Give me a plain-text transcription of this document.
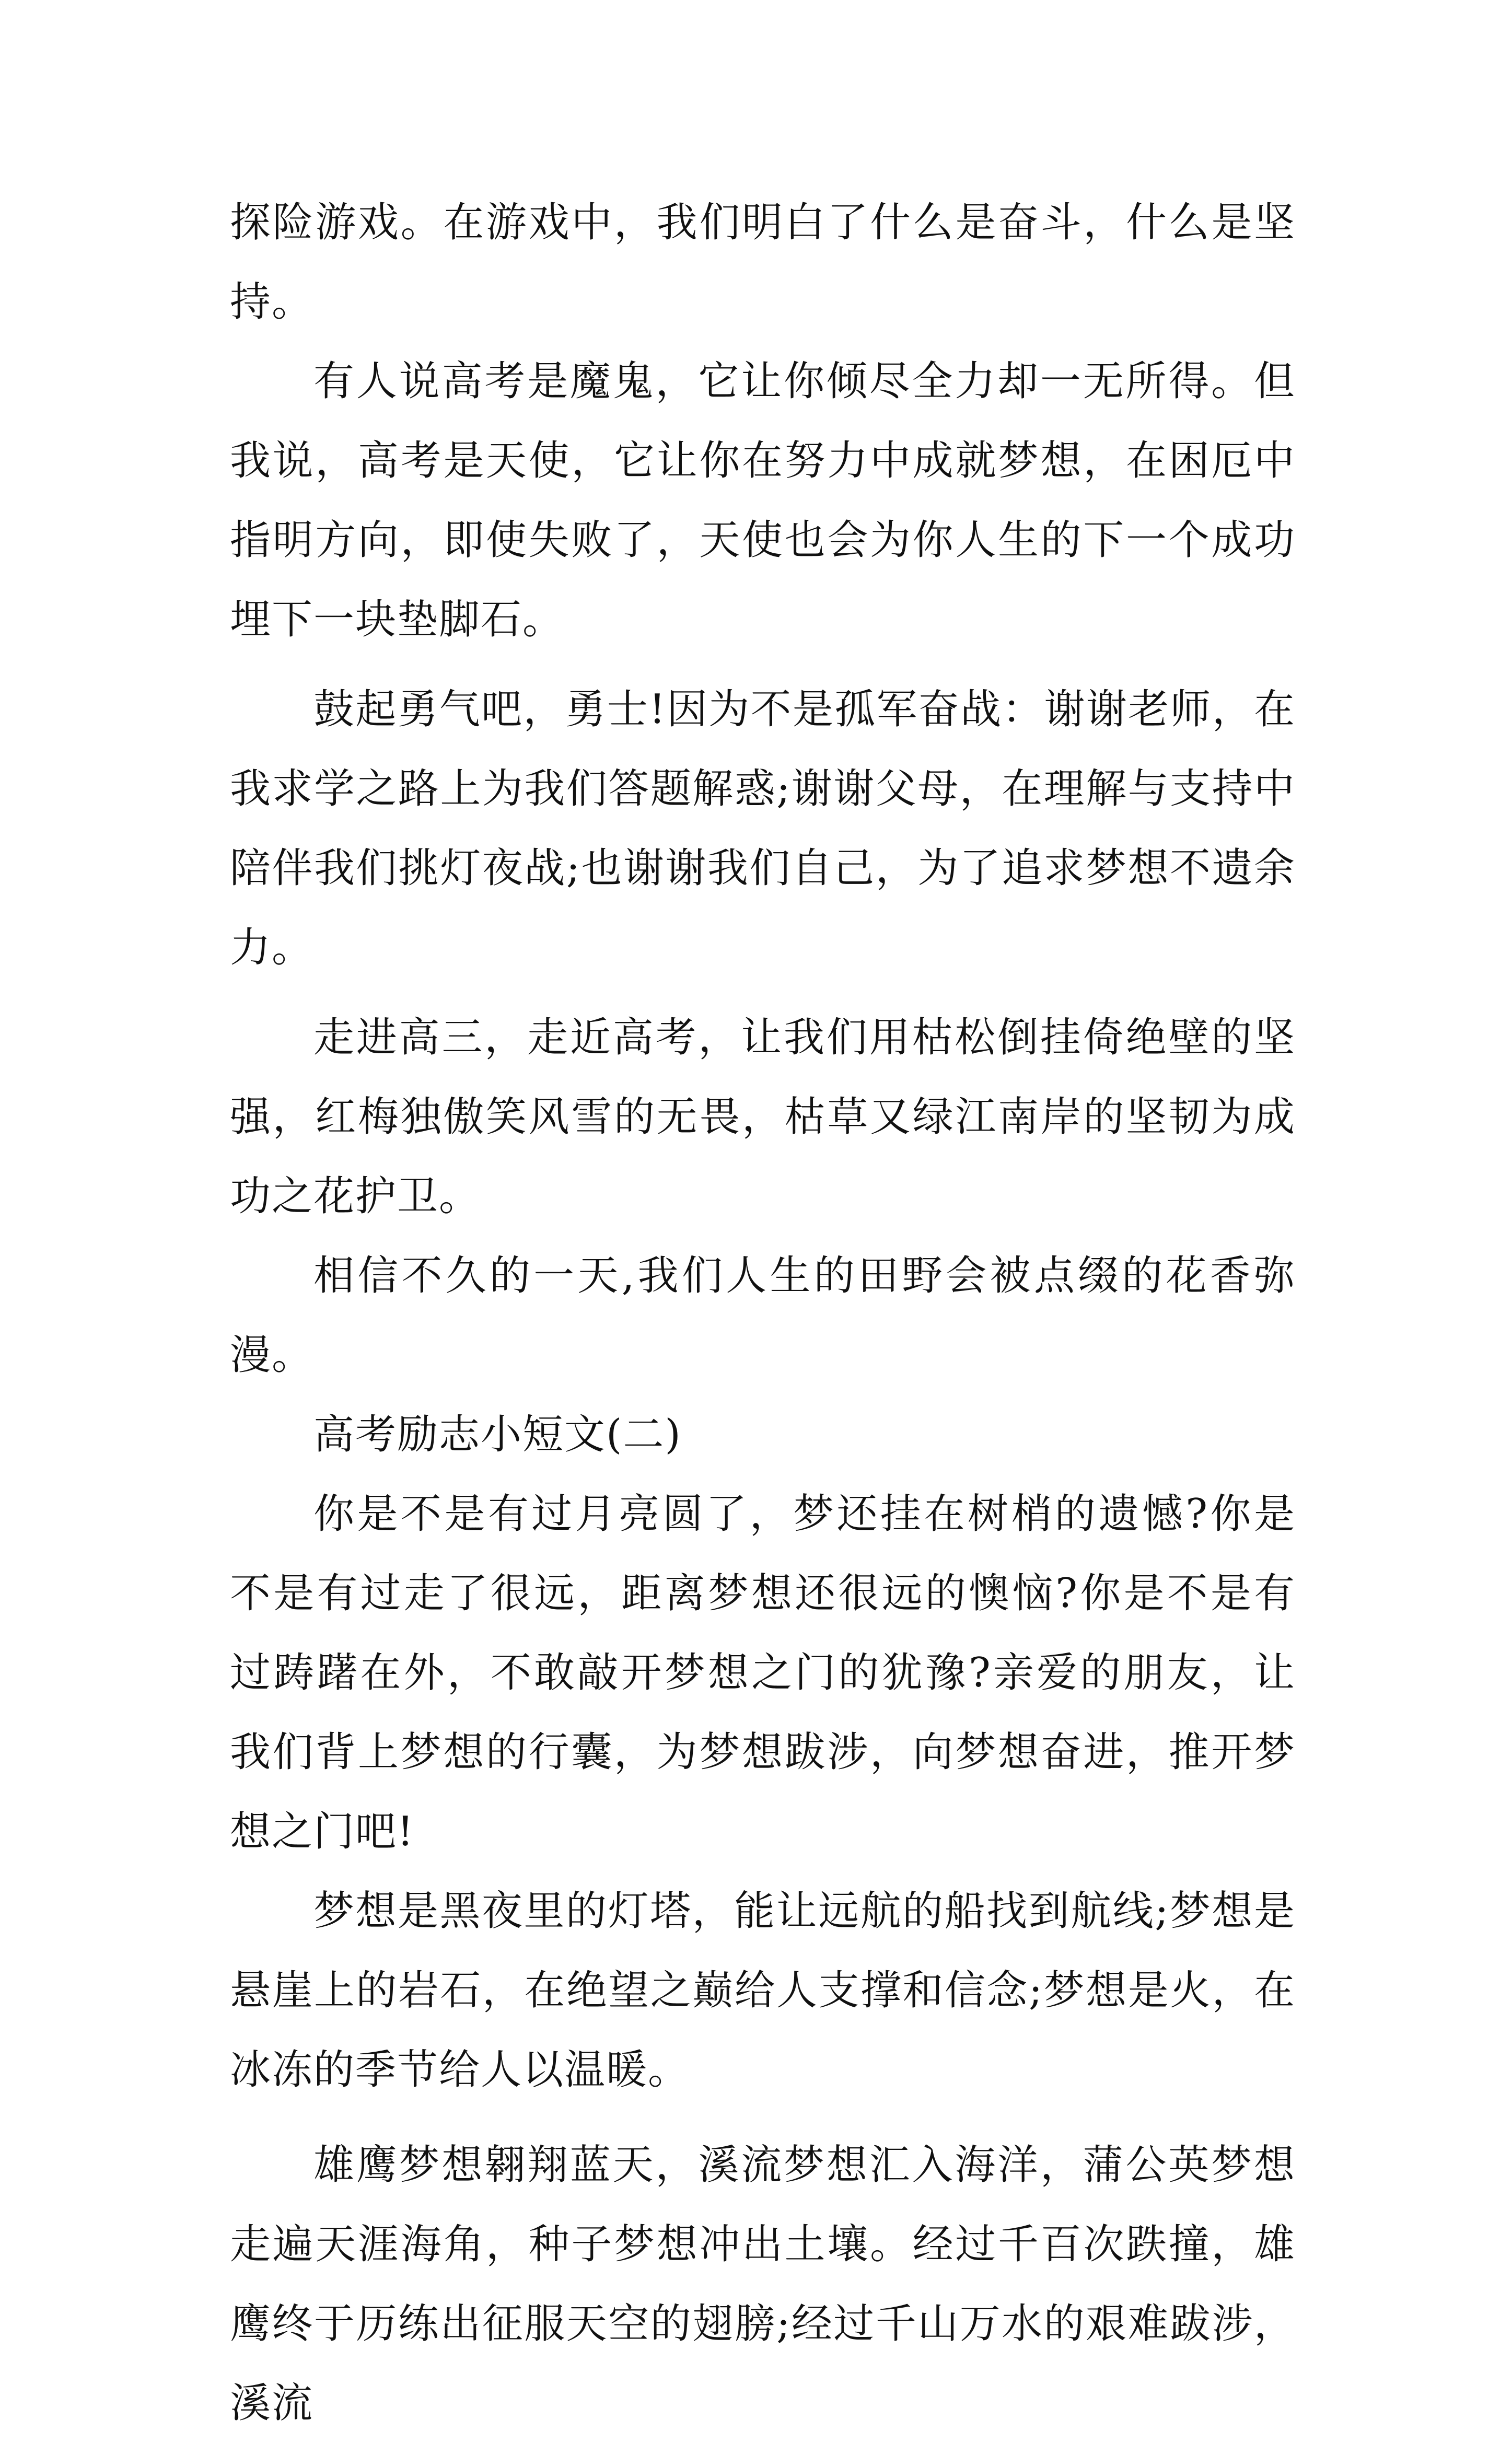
探险游戏。在游戏中，我们明白了什么是奋斗，什么是坚持。

有人说高考是魔鬼，它让你倾尽全力却一无所得。但我说，高考是天使，它让你在努力中成就梦想，在困厄中指明方向，即使失败了，天使也会为你人生的下一个成功埋下一块垫脚石。

鼓起勇气吧，勇士!因为不是孤军奋战：谢谢老师，在我求学之路上为我们答题解惑;谢谢父母，在理解与支持中陪伴我们挑灯夜战;也谢谢我们自己，为了追求梦想不遗余力。

走进高三，走近高考，让我们用枯松倒挂倚绝壁的坚强，红梅独傲笑风雪的无畏，枯草又绿江南岸的坚韧为成功之花护卫。

相信不久的一天,我们人生的田野会被点缀的花香弥漫。

高考励志小短文(二)

你是不是有过月亮圆了，梦还挂在树梢的遗憾?你是不是有过走了很远，距离梦想还很远的懊恼?你是不是有过踌躇在外，不敢敲开梦想之门的犹豫?亲爱的朋友，让我们背上梦想的行囊，为梦想跋涉，向梦想奋进，推开梦想之门吧!

梦想是黑夜里的灯塔，能让远航的船找到航线;梦想是悬崖上的岩石，在绝望之巅给人支撑和信念;梦想是火，在冰冻的季节给人以温暖。

雄鹰梦想翱翔蓝天，溪流梦想汇入海洋，蒲公英梦想走遍天涯海角，种子梦想冲出土壤。经过千百次跌撞，雄鹰终于历练出征服天空的翅膀;经过千山万水的艰难跋涉，溪流
